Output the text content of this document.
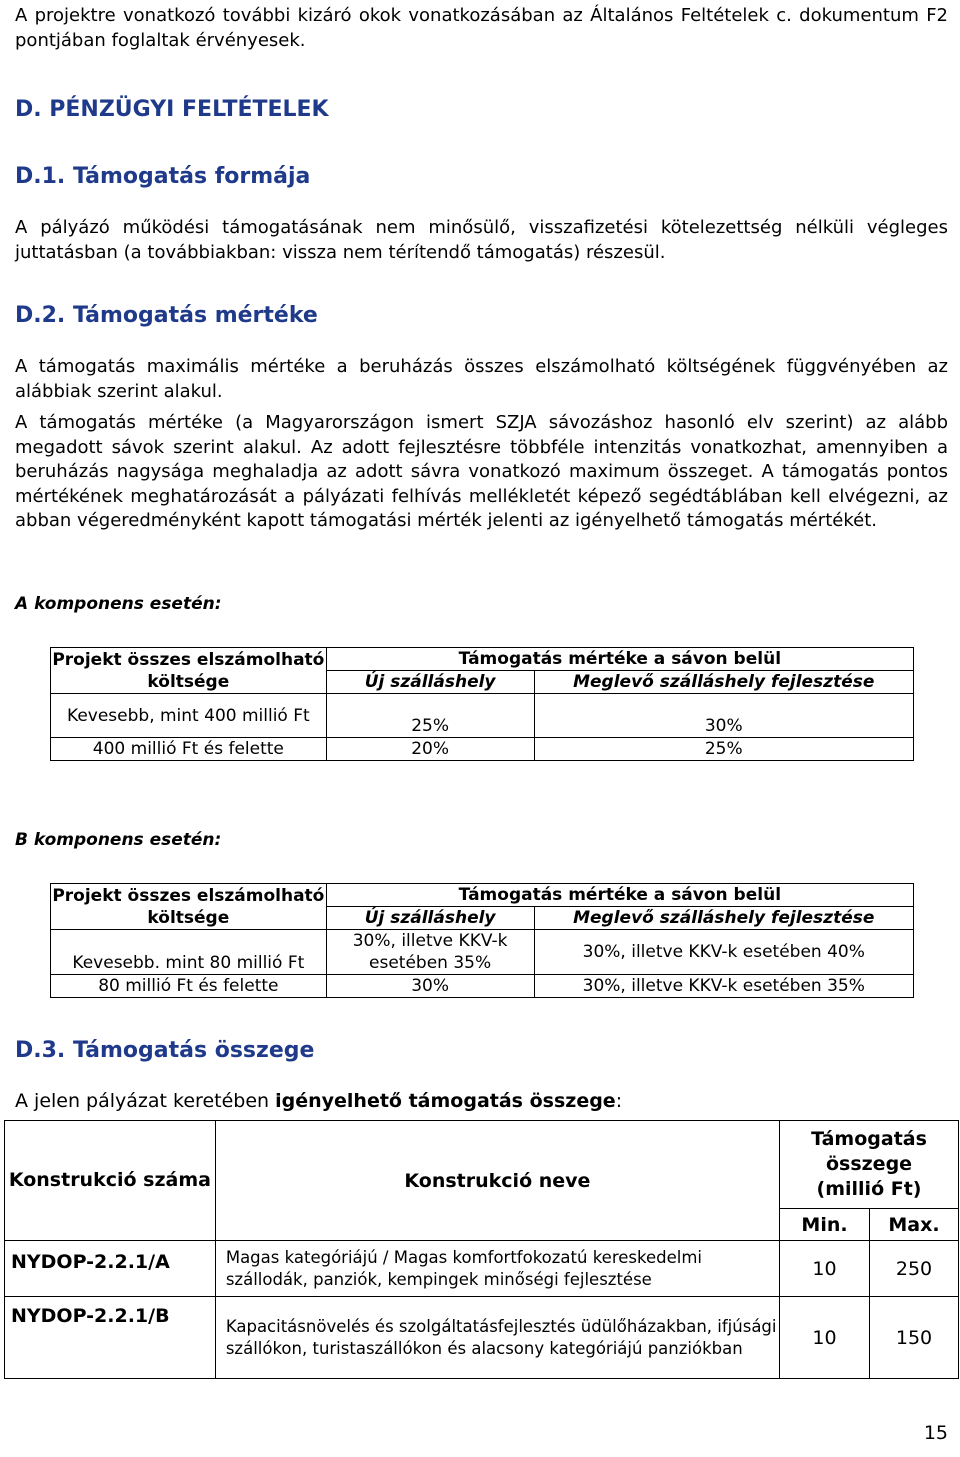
A projektre vonatkozó további kizáró okok vonatkozásában az Általános Feltételek c. dokumentum F2 pontjában foglaltak érvényesek.
D. PÉNZÜGYI FELTÉTELEK
D.1. Támogatás formája
A pályázó működési támogatásának nem minősülő, visszafizetési kötelezettség nélküli végleges juttatásban (a továbbiakban: vissza nem térítendő támogatás) részesül.
D.2. Támogatás mértéke
A támogatás maximális mértéke a beruházás összes elszámolható költségének függvényében az alábbiak szerint alakul.
A támogatás mértéke (a Magyarországon ismert SZJA sávozáshoz hasonló elv szerint) az alább megadott sávok szerint alakul. Az adott fejlesztésre többféle intenzitás vonatkozhat, amennyiben a beruházás nagysága meghaladja az adott sávra vonatkozó maximum összeget. A támogatás pontos mértékének meghatározását a pályázati felhívás mellékletét képező segédtáblában kell elvégezni, az abban végeredményként kapott támogatási mérték jelenti az igényelhető támogatás mértékét.
A komponens esetén:
Projekt összes elszámolható költsége	Támogatás mértéke a sávon belül	
	Új szálláshely	Meglevő szálláshely fejlesztése
Kevesebb, mint 400 millió Ft	25%	30%
400 millió Ft és felette	20%	25%
B komponens esetén:
Projekt összes elszámolható költsége	Támogatás mértéke a sávon belül	
	Új szálláshely	Meglevő szálláshely fejlesztése
Kevesebb. mint 80 millió Ft	30%, illetve KKV-k esetében 35%	30%, illetve KKV-k esetében 40%
80 millió Ft és felette	30%	30%, illetve KKV-k esetében 35%
D.3. Támogatás összege
A jelen pályázat keretében igényelhető támogatás összege:
Konstrukció száma	Konstrukció neve	Támogatás összege (millió Ft)	
		Min.	Max.
NYDOP-2.2.1/A	Magas kategóriájú / Magas komfortfokozatú kereskedelmi szállodák, panziók, kempingek minőségi fejlesztése	10	250
NYDOP-2.2.1/B	Kapacitásnövelés és szolgáltatásfejlesztés üdülőházakban, ifjúsági szállókon, turistaszállókon és alacsony kategóriájú panziókban	10	150
15
